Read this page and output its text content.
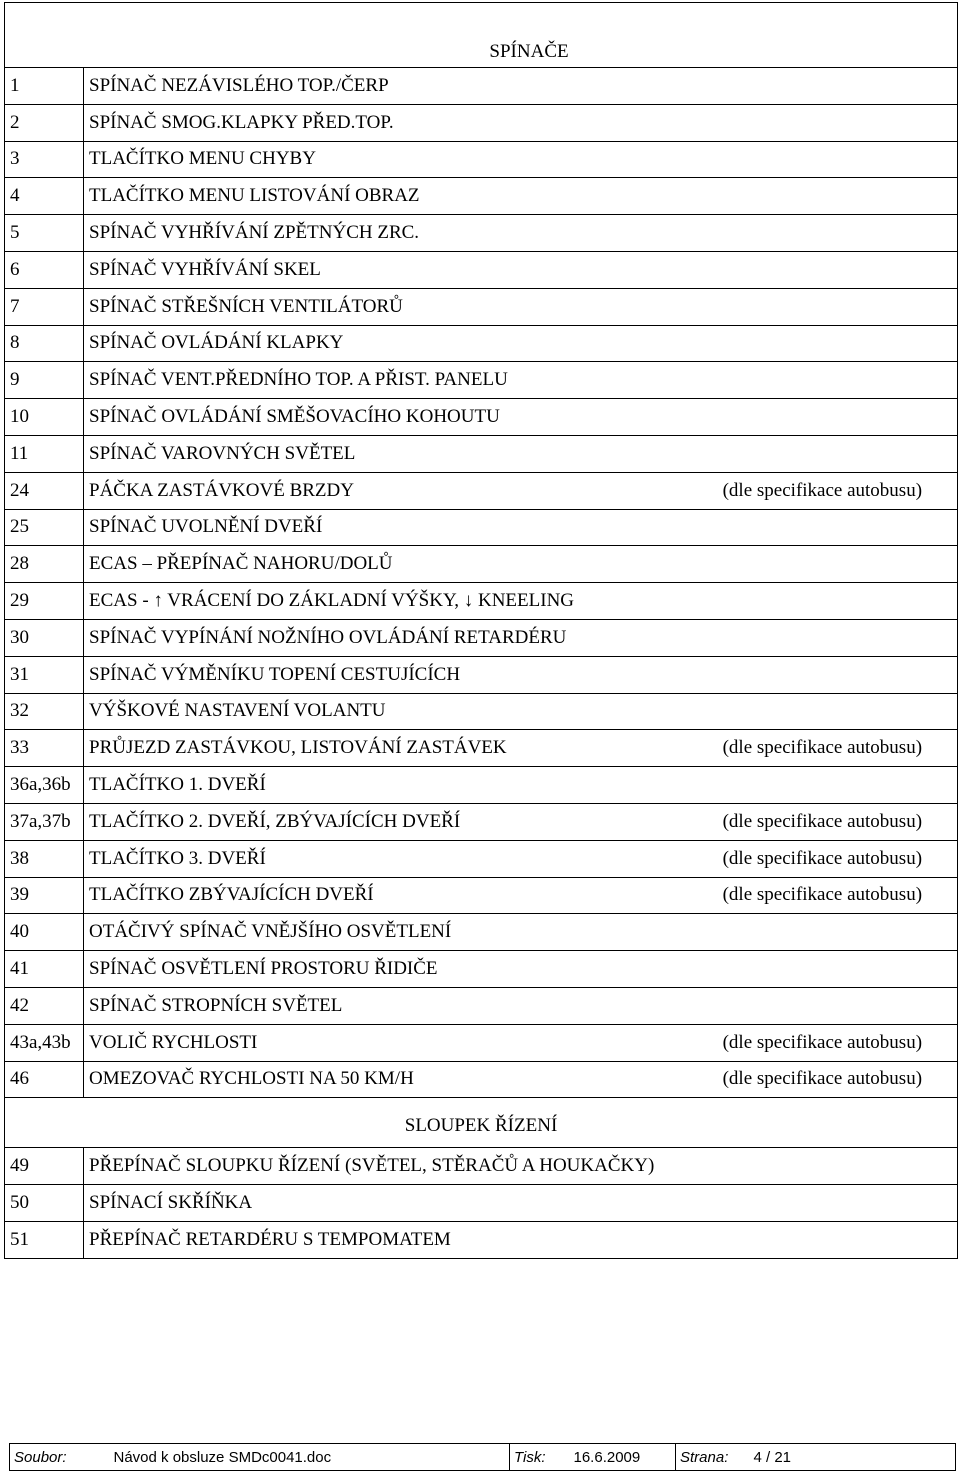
SPÍNAČE		
1	SPÍNAČ NEZÁVISLÉHO TOP./ČERP	
2	SPÍNAČ SMOG.KLAPKY PŘED.TOP.	
3	TLAČÍTKO MENU CHYBY	
4	TLAČÍTKO MENU LISTOVÁNÍ OBRAZ	
5	SPÍNAČ VYHŘÍVÁNÍ ZPĚTNÝCH ZRC.	
6	SPÍNAČ VYHŘÍVÁNÍ SKEL	
7	SPÍNAČ STŘEŠNÍCH VENTILÁTORŮ	
8	SPÍNAČ OVLÁDÁNÍ KLAPKY	
9	SPÍNAČ VENT.PŘEDNÍHO TOP. A PŘIST. PANELU	
10	SPÍNAČ OVLÁDÁNÍ SMĚŠOVACÍHO KOHOUTU	
11	SPÍNAČ VAROVNÝCH SVĚTEL	
24	PÁČKA ZASTÁVKOVÉ BRZDY	(dle specifikace autobusu)
25	SPÍNAČ UVOLNĚNÍ DVEŘÍ	
28	ECAS – PŘEPÍNAČ NAHORU/DOLŮ	
29	ECAS - ↑ VRÁCENÍ DO ZÁKLADNÍ VÝŠKY, ↓ KNEELING	
30	SPÍNAČ VYPÍNÁNÍ NOŽNÍHO OVLÁDÁNÍ RETARDÉRU	
31	SPÍNAČ VÝMĚNÍKU TOPENÍ CESTUJÍCÍCH	
32	VÝŠKOVÉ NASTAVENÍ VOLANTU	
33	PRŮJEZD ZASTÁVKOU, LISTOVÁNÍ ZASTÁVEK	(dle specifikace autobusu)
36a,36b	TLAČÍTKO 1. DVEŘÍ	
37a,37b	TLAČÍTKO 2. DVEŘÍ, ZBÝVAJÍCÍCH DVEŘÍ	(dle specifikace autobusu)
38	TLAČÍTKO 3. DVEŘÍ	(dle specifikace autobusu)
39	TLAČÍTKO ZBÝVAJÍCÍCH DVEŘÍ	(dle specifikace autobusu)
40	OTÁČIVÝ SPÍNAČ VNĚJŠÍHO OSVĚTLENÍ	
41	SPÍNAČ OSVĚTLENÍ PROSTORU ŘIDIČE	
42	SPÍNAČ STROPNÍCH SVĚTEL	
43a,43b	VOLIČ RYCHLOSTI	(dle specifikace autobusu)
46	OMEZOVAČ RYCHLOSTI NA 50 KM/H	(dle specifikace autobusu)
SLOUPEK ŘÍZENÍ		
49	PŘEPÍNAČ SLOUPKU ŘÍZENÍ (SVĚTEL, STĚRAČŮ A HOUKAČKY)	
50	SPÍNACÍ SKŘÍŇKA	
51	PŘEPÍNAČ RETARDÉRU S TEMPOMATEM	
Soubor:	Návod k obsluze SMDc0041.doc	Tisk:	16.6.2009	Strana:	4 / 21
